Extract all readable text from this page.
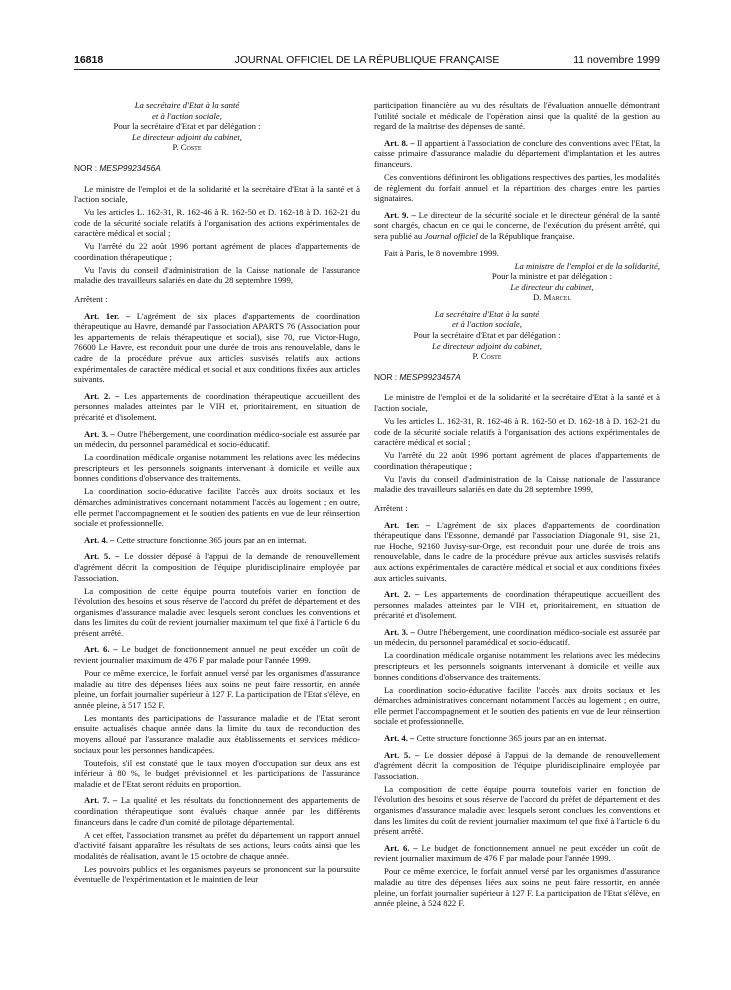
16818	JOURNAL OFFICIEL DE LA RÉPUBLIQUE FRANÇAISE	11 novembre 1999
La secrétaire d'Etat à la santé
et à l'action sociale,
Pour la secrétaire d'Etat et par délégation :
Le directeur adjoint du cabinet,
P. Coste

NOR : MESP9923456A

Le ministre de l'emploi et de la solidarité et la secrétaire d'Etat à la santé et à l'action sociale,

Vu les articles L. 162-31, R. 162-46 à R. 162-50 et D. 162-18 à D. 162-21 du code de la sécurité sociale relatifs à l'organisation des actions expérimentales de caractère médical et social ;

Vu l'arrêté du 22 août 1996 portant agrément de places d'appartements de coordination thérapeutique ;

Vu l'avis du conseil d'administration de la Caisse nationale de l'assurance maladie des travailleurs salariés en date du 28 septembre 1999,

Arrêtent :

Art. 1er. – L'agrément de six places d'appartements de coordination thérapeutique au Havre, demandé par l'association APARTS 76 (Association pour les appartements de relais thérapeutique et social), sise 70, rue Victor-Hugo, 76600 Le Havre, est reconduit pour une durée de trois ans renouvelable, dans le cadre de la procédure prévue aux articles susvisés relatifs aux actions expérimentales de caractère médical et social et aux conditions fixées aux articles suivants.

Art. 2. – Les appartements de coordination thérapeutique accueillent des personnes malades atteintes par le VIH et, prioritairement, en situation de précarité et d'isolement.

Art. 3. – Outre l'hébergement, une coordination médico-sociale est assurée par un médecin, du personnel paramédical et socio-éducatif.

La coordination médicale organise notamment les relations avec les médecins prescripteurs et les personnels soignants intervenant à domicile et veille aux bonnes conditions d'observance des traitements.

La coordination socio-éducative facilite l'accès aux droits sociaux et les démarches administratives concernant notamment l'accès au logement ; en outre, elle permet l'accompagnement et le soutien des patients en vue de leur réinsertion sociale et professionnelle.

Art. 4. – Cette structure fonctionne 365 jours par an en internat.

Art. 5. – Le dossier déposé à l'appui de la demande de renouvellement d'agrément décrit la composition de l'équipe pluridisciplinaire employée par l'association.

La composition de cette équipe pourra toutefois varier en fonction de l'évolution des besoins et sous réserve de l'accord du préfet de département et des organismes d'assurance maladie avec lesquels seront conclues les conventions et dans les limites du coût de revient journalier maximum tel que fixé à l'article 6 du présent arrêté.

Art. 6. – Le budget de fonctionnement annuel ne peut excéder un coût de revient journalier maximum de 476 F par malade pour l'année 1999.

Pour ce même exercice, le forfait annuel versé par les organismes d'assurance maladie au titre des dépenses liées aux soins ne peut faire ressortir, en année pleine, un forfait journalier supérieur à 127 F. La participation de l'Etat s'élève, en année pleine, à 517 152 F.

Les montants des participations de l'assurance maladie et de l'Etat seront ensuite actualisés chaque année dans la limite du taux de reconduction des moyens alloué par l'assurance maladie aux établissements et services médico-sociaux pour les personnes handicapées.

Toutefois, s'il est constaté que le taux moyen d'occupation sur deux ans est inférieur à 80 %, le budget prévisionnel et les participations de l'assurance maladie et de l'Etat seront réduits en proportion.

Art. 7. – La qualité et les résultats du fonctionnement des appartements de coordination thérapeutique sont évalués chaque année par les différents financeurs dans le cadre d'un comité de pilotage départemental.

A cet effet, l'association transmet au préfet du département un rapport annuel d'activité faisant apparaître les résultats de ses actions, leurs coûts ainsi que les modalités de réalisation, avant le 15 octobre de chaque année.

Les pouvoirs publics et les organismes payeurs se prononcent sur la poursuite éventuelle de l'expérimentation et le maintien de leur

participation financière au vu des résultats de l'évaluation annuelle démontrant l'utilité sociale et médicale de l'opération ainsi que la qualité de la gestion au regard de la maîtrise des dépenses de santé.

Art. 8. – Il appartient à l'association de conclure des conventions avec l'Etat, la caisse primaire d'assurance maladie du département d'implantation et les autres financeurs.

Ces conventions définiront les obligations respectives des parties, les modalités de règlement du forfait annuel et la répartition des charges entre les parties signataires.

Art. 9. – Le directeur de la sécurité sociale et le directeur général de la santé sont chargés, chacun en ce qui le concerne, de l'exécution du présent arrêté, qui sera publié au Journal officiel de la République française.

Fait à Paris, le 8 novembre 1999.

La ministre de l'emploi et de la solidarité,
Pour la ministre et par délégation :
Le directeur du cabinet,
D. Marcel
La secrétaire d'Etat à la santé
et à l'action sociale,
Pour la secrétaire d'Etat et par délégation :
Le directeur adjoint du cabinet,
P. Coste

NOR : MESP9923457A

Le ministre de l'emploi et de la solidarité et la secrétaire d'Etat à la santé et à l'action sociale,

Vu les articles L. 162-31, R. 162-46 à R. 162-50 et D. 162-18 à D. 162-21 du code de la sécurité sociale relatifs à l'organisation des actions expérimentales de caractère médical et social ;

Vu l'arrêté du 22 août 1996 portant agrément de places d'appartements de coordination thérapeutique ;

Vu l'avis du conseil d'administration de la Caisse nationale de l'assurance maladie des travailleurs salariés en date du 28 septembre 1999,

Arrêtent :

Art. 1er. – L'agrément de six places d'appartements de coordination thérapeutique dans l'Essonne, demandé par l'association Diagonale 91, sise 21, rue Hoche, 92160 Juvisy-sur-Orge, est reconduit pour une durée de trois ans renouvelable, dans le cadre de la procédure prévue aux articles susvisés relatifs aux actions expérimentales de caractère médical et social et aux conditions fixées aux articles suivants.

Art. 2. – Les appartements de coordination thérapeutique accueillent des personnes malades atteintes par le VIH et, prioritairement, en situation de précarité et d'isolement.

Art. 3. – Outre l'hébergement, une coordination médico-sociale est assurée par un médecin, du personnel paramédical et socio-éducatif.

La coordination médicale organise notamment les relations avec les médecins prescripteurs et les personnels soignants intervenant à domicile et veille aux bonnes conditions d'observance des traitements.

La coordination socio-éducative facilite l'accès aux droits sociaux et les démarches administratives concernant notamment l'accès au logement ; en outre, elle permet l'accompagnement et le soutien des patients en vue de leur réinsertion sociale et professionnelle.

Art. 4. – Cette structure fonctionne 365 jours par an en internat.

Art. 5. – Le dossier déposé à l'appui de la demande de renouvellement d'agrément décrit la composition de l'équipe pluridisciplinaire employée par l'association.

La composition de cette équipe pourra toutefois varier en fonction de l'évolution des besoins et sous réserve de l'accord du préfet de département et des organismes d'assurance maladie avec lesquels seront conclues les conventions et dans les limites du coût de revient journalier maximum tel que fixé à l'article 6 du présent arrêté.

Art. 6. – Le budget de fonctionnement annuel ne peut excéder un coût de revient journalier maximum de 476 F par malade pour l'année 1999.

Pour ce même exercice, le forfait annuel versé par les organismes d'assurance maladie au titre des dépenses liées aux soins ne peut faire ressortir, en année pleine, un forfait journalier supérieur à 127 F. La participation de l'Etat s'élève, en année pleine, à 524 822 F.
